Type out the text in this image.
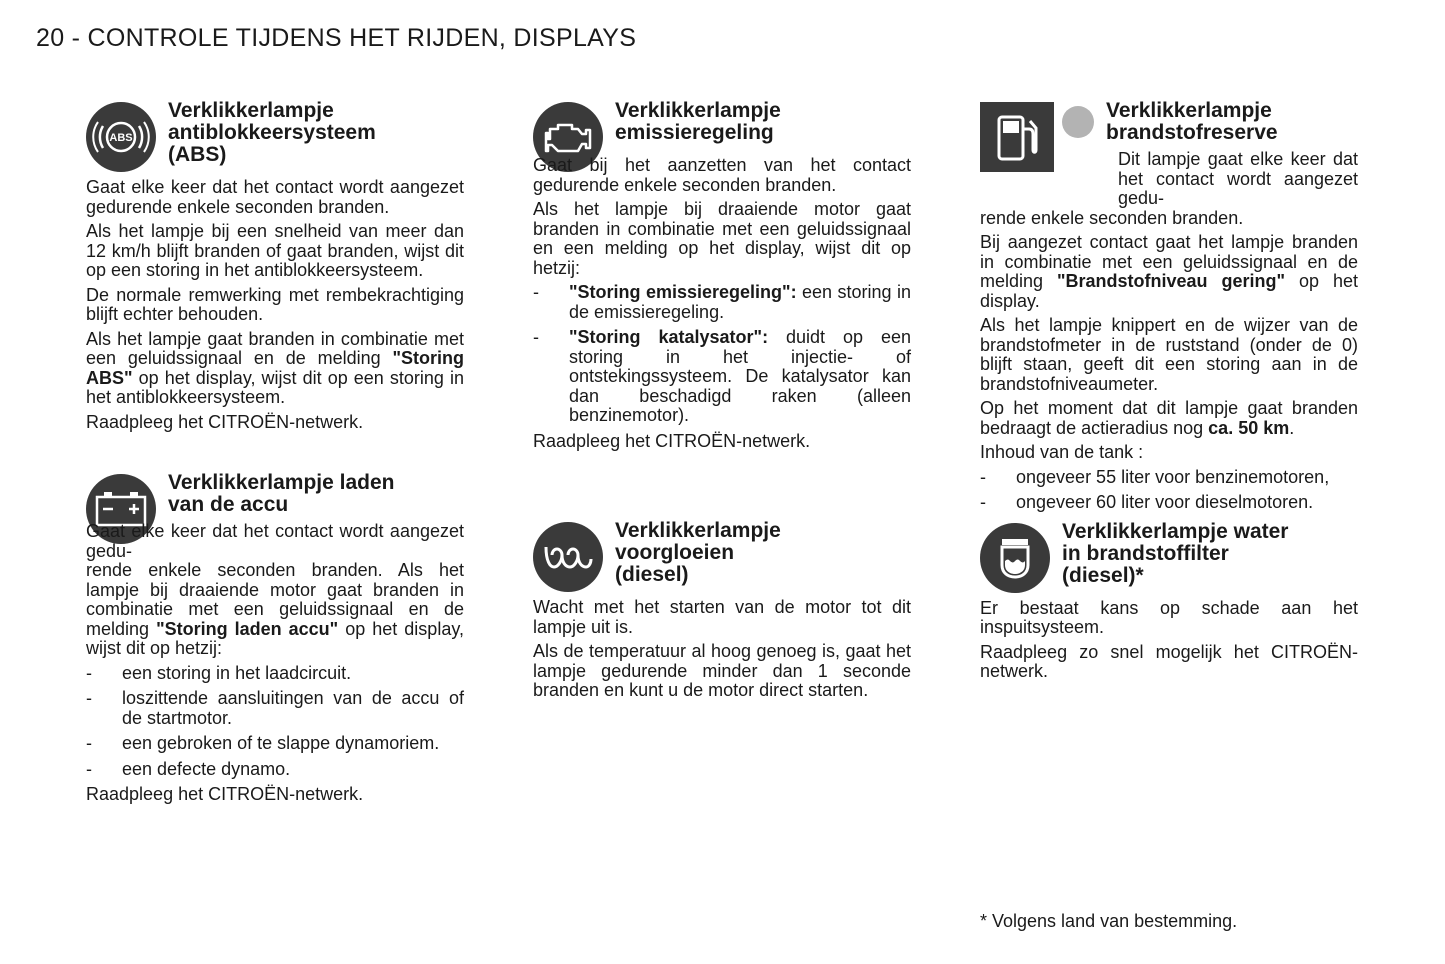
20 - CONTROLE TIJDENS HET RIJDEN, DISPLAYS
ABS
Verklikkerlampje
antiblokkeersysteem
(ABS)

Gaat elke keer dat het contact wordt aangezet gedurende enkele seconden branden.

Als het lampje bij een snelheid van meer dan 12 km/h blijft branden of gaat branden, wijst dit op een storing in het antiblokkeersysteem.

De normale remwerking met rembekrachtiging blijft echter behouden.

Als het lampje gaat branden in combinatie met een geluidssignaal en de melding "Storing ABS" op het display, wijst dit op een storing in het antiblokkeersysteem.

Raadpleeg het CITROËN-netwerk.

Verklikkerlampje laden
van de accu

Gaat elke keer dat het contact wordt aangezet gedu-

rende enkele seconden branden. Als het lampje bij draaiende motor gaat branden in combinatie met een geluidssignaal en de melding "Storing laden accu" op het display, wijst dit op hetzij:

- een storing in het laadcircuit.
- loszittende aansluitingen van de accu of de startmotor.
- een gebroken of te slappe dynamoriem.
- een defecte dynamo.

Raadpleeg het CITROËN-netwerk.

Verklikkerlampje
emissieregeling

Gaat bij het aanzetten van het contact gedurende enkele seconden branden.

Als het lampje bij draaiende motor gaat branden in combinatie met een geluidssignaal en een melding op het display, wijst dit op hetzij:

- "Storing emissieregeling": een storing in de emissieregeling.
- "Storing katalysator": duidt op een storing in het injectie- of ontstekingssysteem. De katalysator kan dan beschadigd raken (alleen benzinemotor).

Raadpleeg het CITROËN-netwerk.

Verklikkerlampje
voorgloeien
(diesel)

Wacht met het starten van de motor tot dit lampje uit is.

Als de temperatuur al hoog genoeg is, gaat het lampje gedurende minder dan 1 seconde branden en kunt u de motor direct starten.

Verklikkerlampje
brandstofreserve

Dit lampje gaat elke keer dat het contact wordt aangezet gedu-

rende enkele seconden branden.

Bij aangezet contact gaat het lampje branden in combinatie met een geluidssignaal en de melding "Brandstofniveau gering" op het display.

Als het lampje knippert en de wijzer van de brandstofmeter in de ruststand (onder de 0) blijft staan, geeft dit een storing aan in de brandstofniveaumeter.

Op het moment dat dit lampje gaat branden bedraagt de actieradius nog ca. 50 km.

Inhoud van de tank :

- ongeveer 55 liter voor benzinemotoren,
- ongeveer 60 liter voor dieselmotoren.
Verklikkerlampje water
in brandstoffilter
(diesel)*

Er bestaat kans op schade aan het inspuitsysteem.

Raadpleeg zo snel mogelijk het CITROËN-netwerk.

* Volgens land van bestemming.
